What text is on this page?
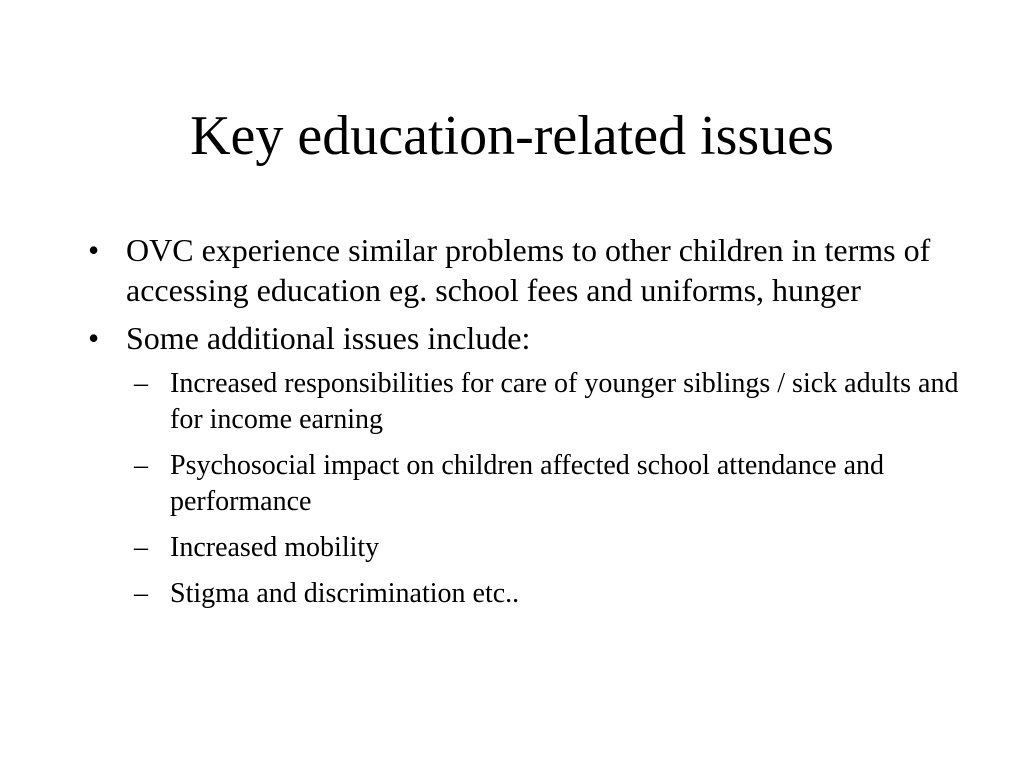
Key education-related issues
• OVC experience similar problems to other children in terms of accessing education eg. school fees and uniforms, hunger
• Some additional issues include:
– Increased responsibilities for care of younger siblings / sick adults and for income earning
– Psychosocial impact on children affected school attendance and performance
– Increased mobility
– Stigma and discrimination etc..
